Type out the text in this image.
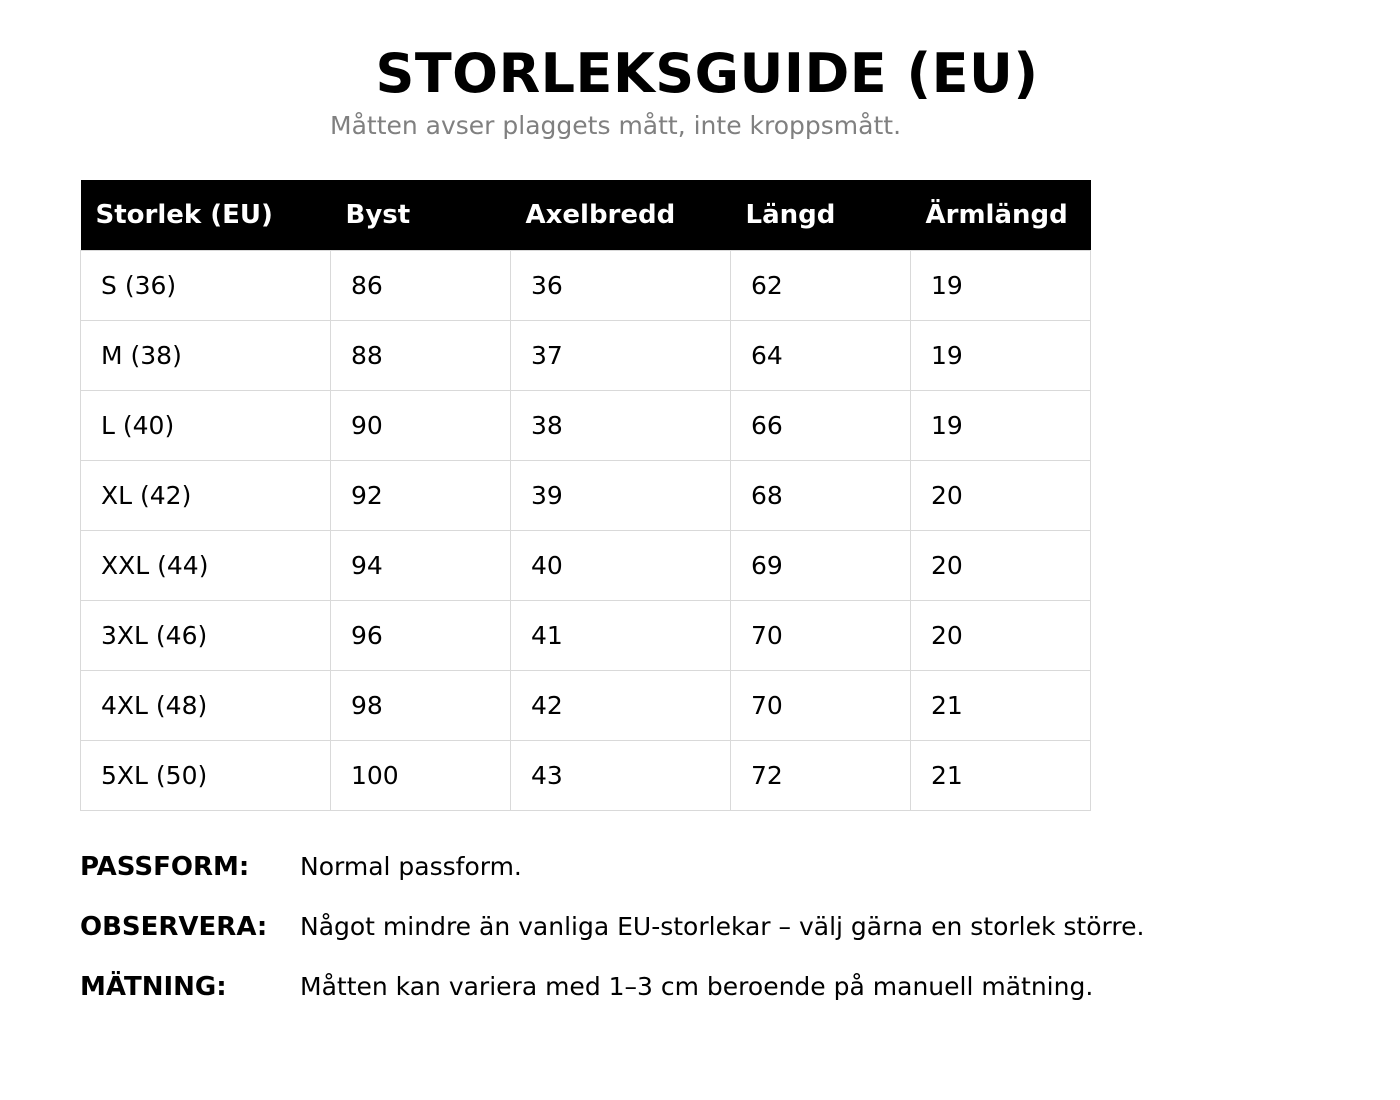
STORLEKSGUIDE (EU)
Måtten avser plaggets mått, inte kroppsmått.
Storlek (EU)	Byst	Axelbredd	Längd	Ärmlängd
S (36)	86	36	62	19
M (38)	88	37	64	19
L (40)	90	38	66	19
XL (42)	92	39	68	20
XXL (44)	94	40	69	20
3XL (46)	96	41	70	20
4XL (48)	98	42	70	21
5XL (50)	100	43	72	21
PASSFORM: Normal passform.
OBSERVERA: Något mindre än vanliga EU-storlekar – välj gärna en storlek större.
MÄTNING:	Måtten kan variera med 1–3 cm beroende på manuell mätning.
